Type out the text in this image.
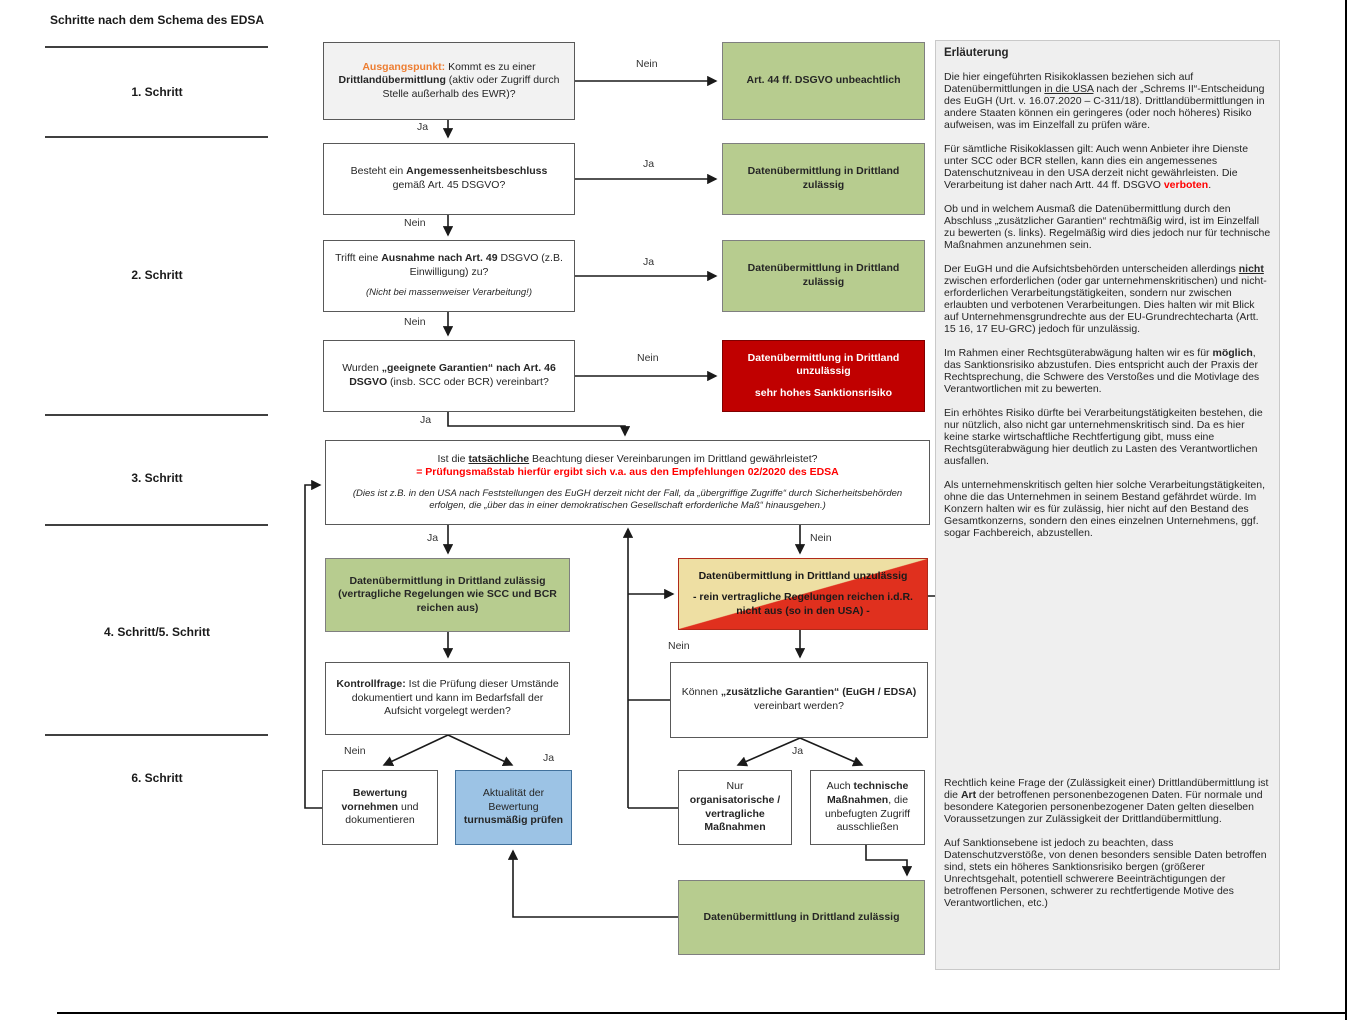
Schritte nach dem Schema des EDSA
1. Schritt
2. Schritt
3. Schritt
4. Schritt/5. Schritt
6. Schritt
Ausgangspunkt: Kommt es zu einer Drittlandübermittlung (aktiv oder Zugriff durch Stelle außerhalb des EWR)?
Art. 44 ff. DSGVO unbeachtlich
Besteht ein Angemessenheitsbeschluss gemäß Art. 45 DSGVO?
Datenübermittlung in Drittland zulässig
Trifft eine Ausnahme nach Art. 49 DSGVO (z.B. Einwilligung) zu?
(Nicht bei massenweiser Verarbeitung!)
Datenübermittlung in Drittland zulässig
Wurden „geeignete Garantien“ nach Art. 46 DSGVO (insb. SCC oder BCR) vereinbart?
Datenübermittlung in Drittland unzulässig
sehr hohes Sanktionsrisiko
Ist die tatsächliche Beachtung dieser Vereinbarungen im Drittland gewährleistet?
= Prüfungsmaßstab hierfür ergibt sich v.a. aus den Empfehlungen 02/2020 des EDSA
(Dies ist z.B. in den USA nach Feststellungen des EuGH derzeit nicht der Fall, da „übergriffige Zugriffe“ durch Sicherheitsbehörden erfolgen, die „über das in einer demokratischen Gesellschaft erforderliche Maß“ hinausgehen.)
Datenübermittlung in Drittland zulässig
(vertragliche Regelungen wie SCC und BCR reichen aus)
Datenübermittlung in Drittland unzulässig
- rein vertragliche Regelungen reichen i.d.R. nicht aus (so in den USA) -
Kontrollfrage: Ist die Prüfung dieser Umstände dokumentiert und kann im Bedarfsfall der Aufsicht vorgelegt werden?
Können „zusätzliche Garantien“ (EuGH / EDSA) vereinbart werden?
Bewertung vornehmen und dokumentieren
Aktualität der Bewertung turnusmäßig prüfen
Nur organisatorische / vertragliche Maßnahmen
Auch technische Maßnahmen, die unbefugten Zugriff ausschließen
Datenübermittlung in Drittland zulässig
Nein
Ja
Ja
Nein
Ja
Nein
Nein
Ja
Ja	Nein
Nein
Nein
Ja
Ja
Erläuterung
Die hier eingeführten Risikoklassen beziehen sich auf Datenübermittlungen in die USA nach der „Schrems II“-Entscheidung des EuGH (Urt. v. 16.07.2020 – C-311/18). Drittlandübermittlungen in andere Staaten können ein geringeres (oder noch höheres) Risiko aufweisen, was im Einzelfall zu prüfen wäre.
Für sämtliche Risikoklassen gilt: Auch wenn Anbieter ihre Dienste unter SCC oder BCR stellen, kann dies ein angemessenes Datenschutzniveau in den USA derzeit nicht gewährleisten. Die Verarbeitung ist daher nach Artt. 44 ff. DSGVO verboten.
Ob und in welchem Ausmaß die Datenübermittlung durch den Abschluss „zusätzlicher Garantien“ rechtmäßig wird, ist im Einzelfall zu bewerten (s. links). Regelmäßig wird dies jedoch nur für technische Maßnahmen anzunehmen sein.
Der EuGH und die Aufsichtsbehörden unterscheiden allerdings nicht zwischen erforderlichen (oder gar unternehmenskritischen) und nicht-erforderlichen Verarbeitungstätigkeiten, sondern nur zwischen erlaubten und verbotenen Verarbeitungen. Dies halten wir mit Blick auf Unternehmensgrundrechte aus der EU-Grundrechtecharta (Artt. 15 16, 17 EU-GRC) jedoch für unzulässig.
Im Rahmen einer Rechtsgüterabwägung halten wir es für möglich, das Sanktionsrisiko abzustufen. Dies entspricht auch der Praxis der Rechtsprechung, die Schwere des Verstoßes und die Motivlage des Verantwortlichen mit zu bewerten.
Ein erhöhtes Risiko dürfte bei Verarbeitungstätigkeiten bestehen, die nur nützlich, also nicht gar unternehmenskritisch sind. Da es hier keine starke wirtschaftliche Rechtfertigung gibt, muss eine Rechtsgüterabwägung hier deutlich zu Lasten des Verantwortlichen ausfallen.
Als unternehmenskritisch gelten hier solche Verarbeitungstätigkeiten, ohne die das Unternehmen in seinem Bestand gefährdet würde. Im Konzern halten wir es für zulässig, hier nicht auf den Bestand des Gesamtkonzerns, sondern den eines einzelnen Unternehmens, ggf. sogar Fachbereich, abzustellen.
Rechtlich keine Frage der (Zulässigkeit einer) Drittlandübermittlung ist die Art der betroffenen personenbezogenen Daten. Für normale und besondere Kategorien personenbezogener Daten gelten dieselben Voraussetzungen zur Zulässigkeit der Drittlandübermittlung.
Auf Sanktionsebene ist jedoch zu beachten, dass Datenschutzverstöße, von denen besonders sensible Daten betroffen sind, stets ein höheres Sanktionsrisiko bergen (größerer Unrechtsgehalt, potentiell schwerere Beeinträchtigungen der betroffenen Personen, schwerer zu rechtfertigende Motive des Verantwortlichen, etc.)
